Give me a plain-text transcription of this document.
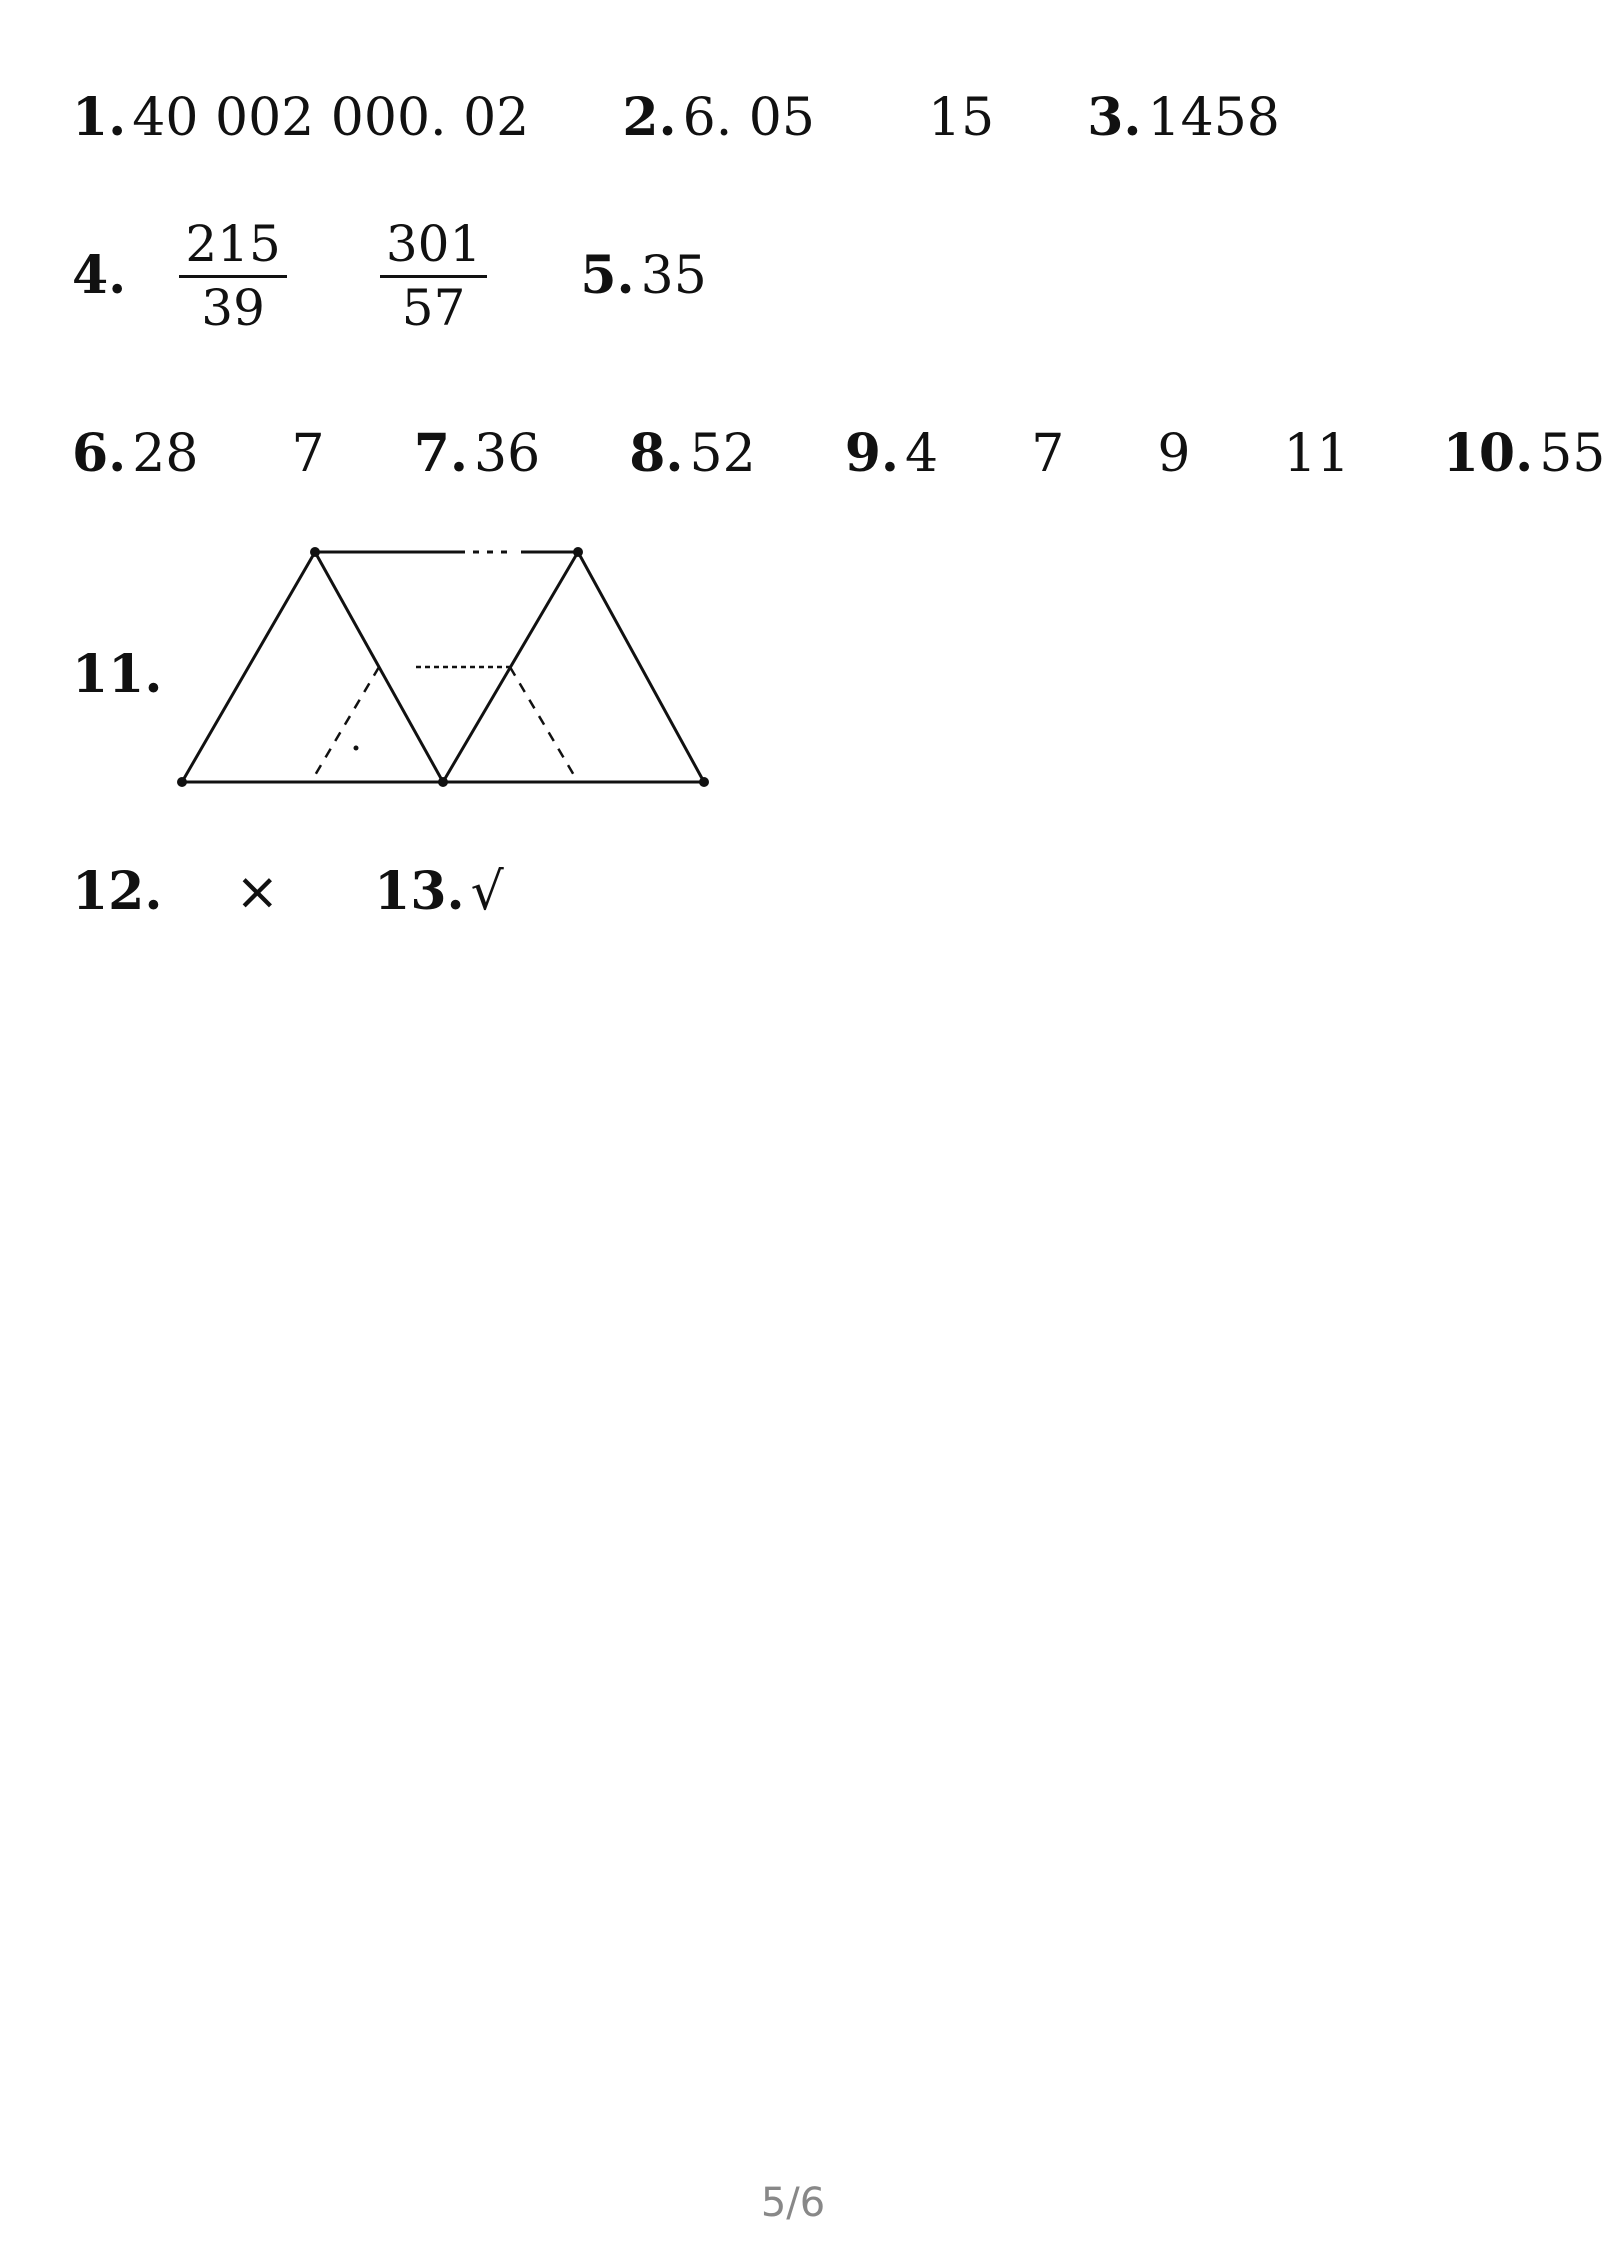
1. 40 002 000. 02 2. 6. 05 15 3. 1458
4. $\frac{215}{39}$
$\frac{301}{57} 5$. 35
6. 28 7 7. 36 8. 52 9. 4 7 9 11 10. 55
11.
12. × 13. √
5/6
